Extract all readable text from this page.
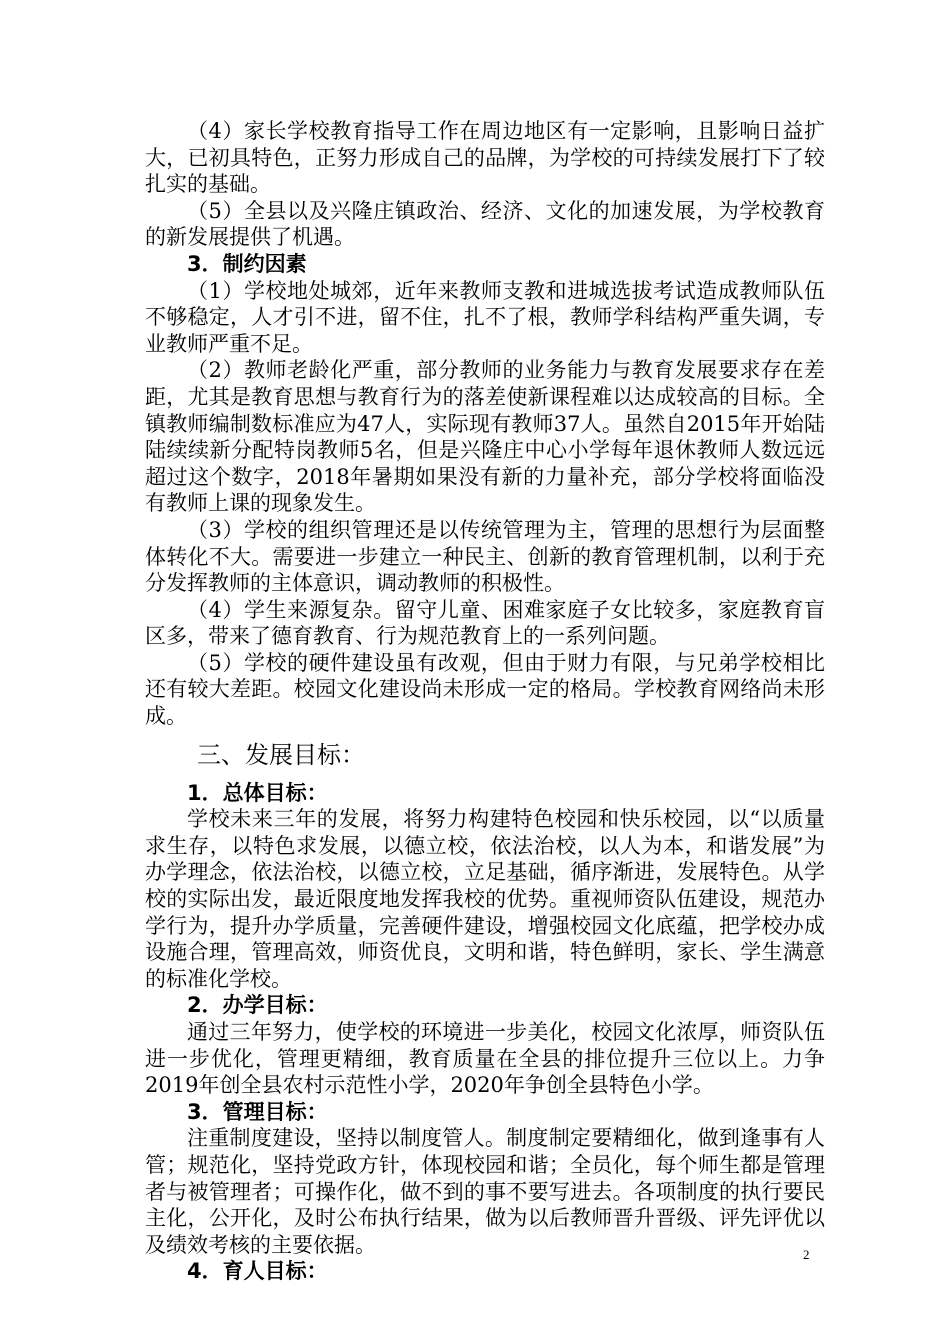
（4）家长学校教育指导工作在周边地区有一定影响，且影响日益扩大，已初具特色，正努力形成自己的品牌，为学校的可持续发展打下了较扎实的基础。

（5）全县以及兴隆庄镇政治、经济、文化的加速发展，为学校教育的新发展提供了机遇。

3．制约因素

（1）学校地处城郊，近年来教师支教和进城选拔考试造成教师队伍不够稳定，人才引不进，留不住，扎不了根，教师学科结构严重失调，专业教师严重不足。

（2）教师老龄化严重，部分教师的业务能力与教育发展要求存在差距，尤其是教育思想与教育行为的落差使新课程难以达成较高的目标。全镇教师编制数标准应为47人，实际现有教师37人。虽然自2015年开始陆陆续续新分配特岗教师5名，但是兴隆庄中心小学每年退休教师人数远远超过这个数字，2018年暑期如果没有新的力量补充，部分学校将面临没有教师上课的现象发生。

（3）学校的组织管理还是以传统管理为主，管理的思想行为层面整体转化不大。需要进一步建立一种民主、创新的教育管理机制，以利于充分发挥教师的主体意识，调动教师的积极性。

（4）学生来源复杂。留守儿童、困难家庭子女比较多，家庭教育盲区多，带来了德育教育、行为规范教育上的一系列问题。

（5）学校的硬件建设虽有改观，但由于财力有限，与兄弟学校相比还有较大差距。校园文化建设尚未形成一定的格局。学校教育网络尚未形成。

三、发展目标：

1．总体目标：

学校未来三年的发展，将努力构建特色校园和快乐校园，以“以质量求生存，以特色求发展，以德立校，依法治校，以人为本，和谐发展”为办学理念，依法治校，以德立校，立足基础，循序渐进，发展特色。从学校的实际出发，最近限度地发挥我校的优势。重视师资队伍建设，规范办学行为，提升办学质量，完善硬件建设，增强校园文化底蕴，把学校办成设施合理，管理高效，师资优良，文明和谐，特色鲜明，家长、学生满意的标准化学校。

2．办学目标：

通过三年努力，使学校的环境进一步美化，校园文化浓厚，师资队伍进一步优化，管理更精细，教育质量在全县的排位提升三位以上。力争2019年创全县农村示范性小学，2020年争创全县特色小学。

3．管理目标：

注重制度建设，坚持以制度管人。制度制定要精细化，做到逢事有人管；规范化，坚持党政方针，体现校园和谐；全员化，每个师生都是管理者与被管理者；可操作化，做不到的事不要写进去。各项制度的执行要民主化，公开化，及时公布执行结果，做为以后教师晋升晋级、评先评优以及绩效考核的主要依据。

4．育人目标：

2
